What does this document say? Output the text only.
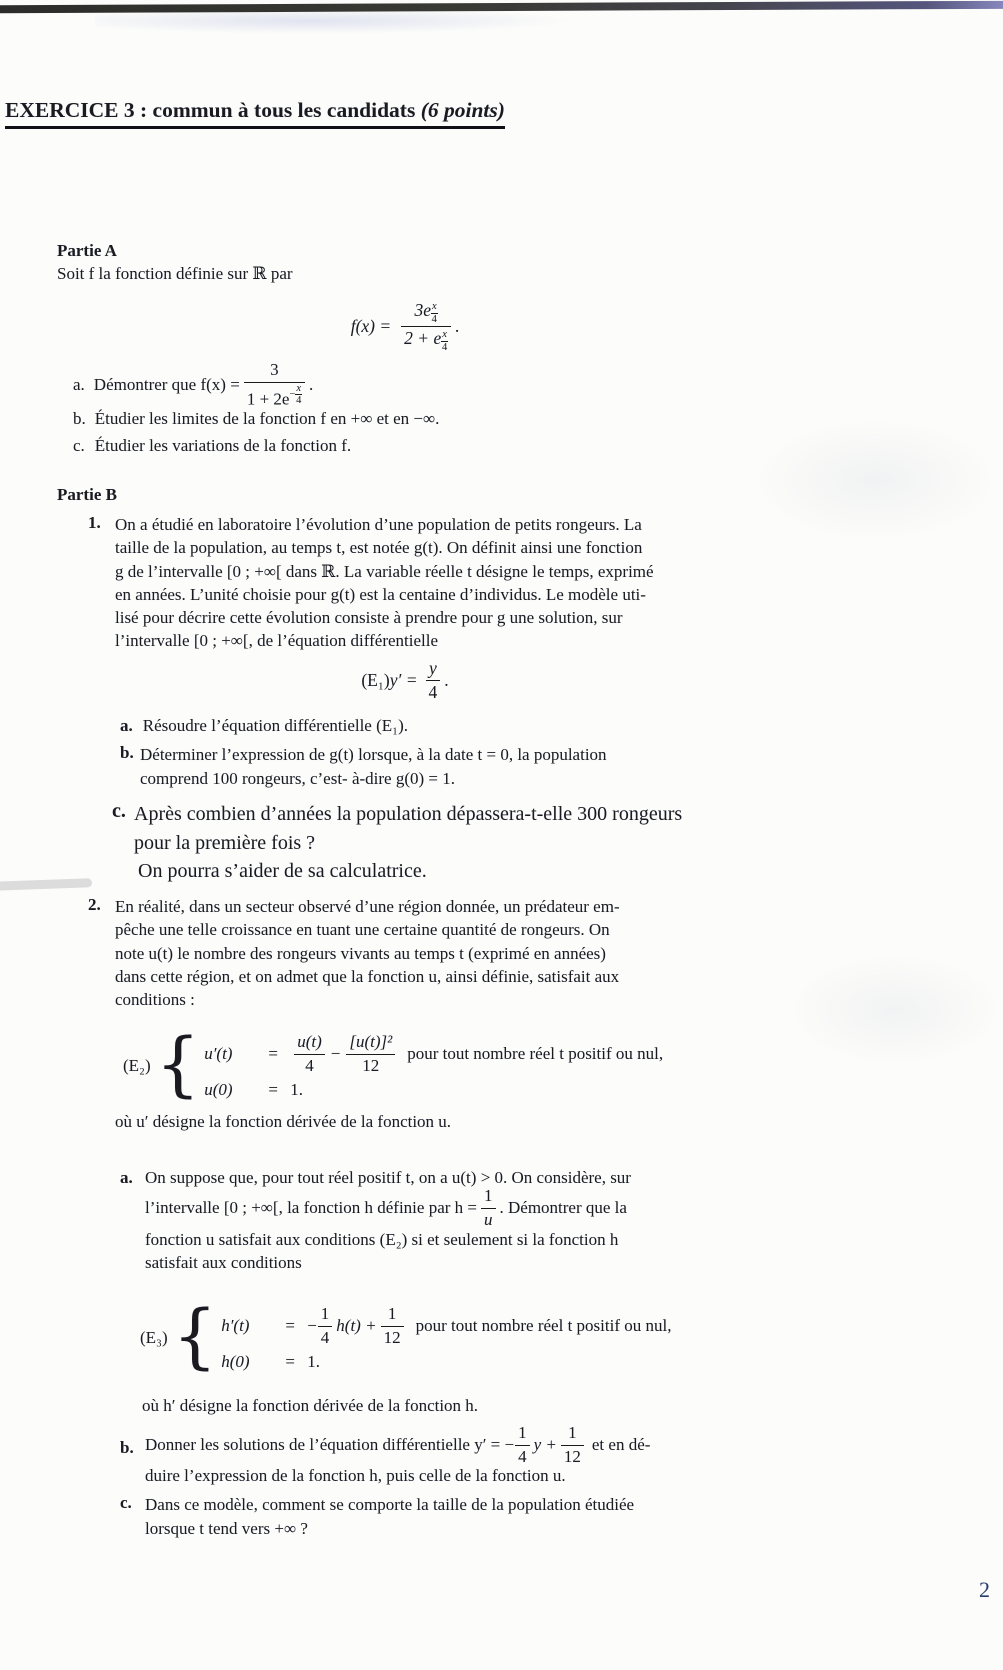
EXERCICE 3 : commun à tous les candidats (6 points)
Partie A
Soit f la fonction définie sur ℝ par
f(x) = 3e x
4
2 + e x
4 .
a. Démontrer que $f(x) = \frac{3}{1 + 2e - \frac{x}{4}}$ .
b. Étudier les limites de la fonction f en +∞ et en −∞.
c. Étudier les variations de la fonction f.
Partie B
1. On a étudié en laboratoire l’évolution d’une population de petits rongeurs. La
taille de la population, au temps t, est notée g(t). On définit ainsi une fonction
g de l’intervalle [0 ; +∞[ dans ℝ. La variable réelle t désigne le temps, exprimé
en années. L’unité choisie pour g(t) est la centaine d’individus. Le modèle uti-
lisé pour décrire cette évolution consiste à prendre pour g une solution, sur
l’intervalle [0 ; +∞[, de l’équation différentielle
(E₁) $y' = \frac{y}{4}$ .
a. Résoudre l’équation différentielle (E₁).
b. Déterminer l’expression de g(t) lorsque, à la date t = 0, la population
comprend 100 rongeurs, c’est- à-dire g(0) = 1.
c. Après combien d’années la population dépassera-t-elle 300 rongeurs
pour la première fois ?
On pourra s’aider de sa calculatrice.
2. En réalité, dans un secteur observé d’une région donnée, un prédateur em-
pêche une telle croissance en tuant une certaine quantité de rongeurs. On
note u(t) le nombre des rongeurs vivants au temps t (exprimé en années)
dans cette région, et on admet que la fonction u, ainsi définie, satisfait aux
conditions :
(E₂) { u′(t)	= $\frac{u(t)}{4} - \frac{\text{[u(t)]²}}{12}$ pour tout nombre réel t positif ou nul,
u(0)	= 1.
où u′ désigne la fonction dérivée de la fonction u.
a. On suppose que, pour tout réel positif t, on a u(t) > 0. On considère, sur
l’intervalle [0 ; +∞[, la fonction h définie par $h = \frac{1}{u}$ . Démontrer que la
fonction u satisfait aux conditions (E₂) si et seulement si la fonction h
satisfait aux conditions
(E₃) { h′(t)	= − $\frac{1}{4} h(t) + \frac{1}{12}$ pour tout nombre réel t positif ou nul,
h(0)	= 1.
où h′ désigne la fonction dérivée de la fonction h.
b. Donner les solutions de l’équation différentielle y′ = − $\frac{1}{4}$ $y + \frac{1}{12}$ et en dé-
duire l’expression de la fonction h, puis celle de la fonction u.
c. Dans ce modèle, comment se comporte la taille de la population étudiée
lorsque t tend vers +∞ ?
2
